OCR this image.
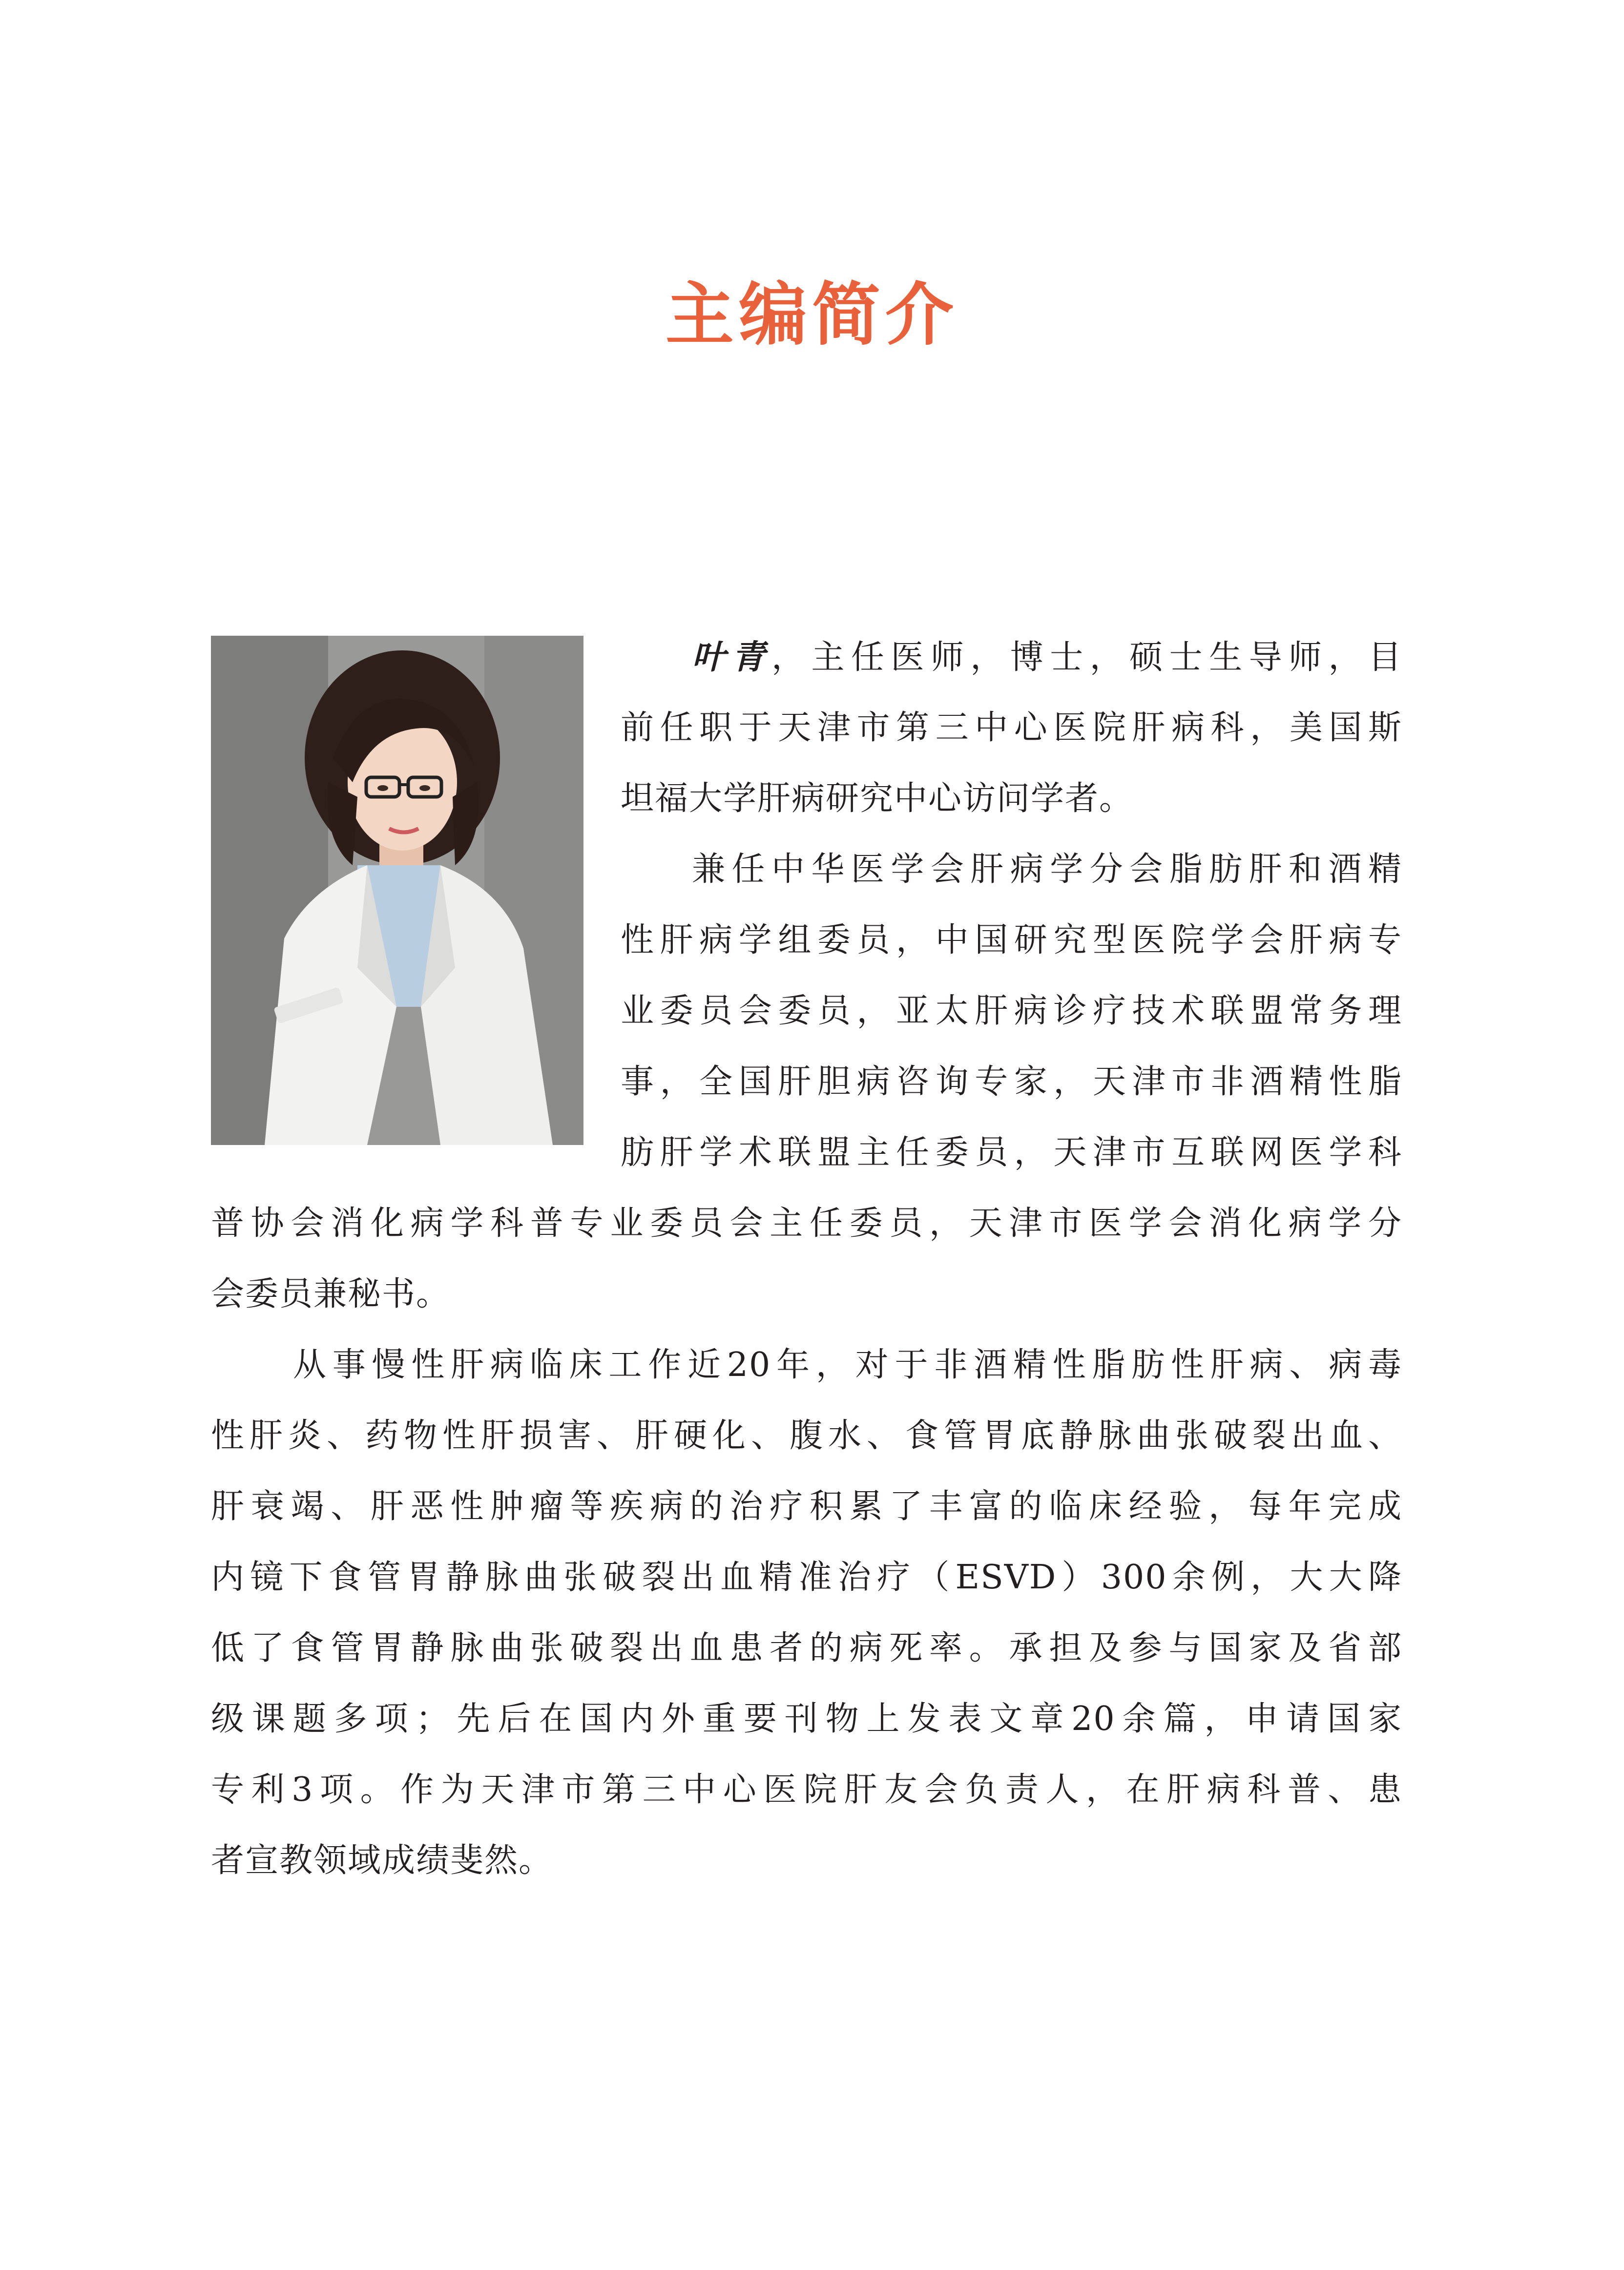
主编简介
叶青，主任医师，博士，硕士生导师，目
前任职于天津市第三中心医院肝病科，美国斯
坦福大学肝病研究中心访问学者。
兼任中华医学会肝病学分会脂肪肝和酒精
性肝病学组委员，中国研究型医院学会肝病专
业委员会委员，亚太肝病诊疗技术联盟常务理
事，全国肝胆病咨询专家，天津市非酒精性脂
肪肝学术联盟主任委员，天津市互联网医学科
普协会消化病学科普专业委员会主任委员，天津市医学会消化病学分
会委员兼秘书。
从事慢性肝病临床工作近20年，对于非酒精性脂肪性肝病、病毒
性肝炎、药物性肝损害、肝硬化、腹水、食管胃底静脉曲张破裂出血、
肝衰竭、肝恶性肿瘤等疾病的治疗积累了丰富的临床经验，每年完成
内镜下食管胃静脉曲张破裂出血精准治疗（ESVD）300余例，大大降
低了食管胃静脉曲张破裂出血患者的病死率。承担及参与国家及省部
级课题多项；先后在国内外重要刊物上发表文章20余篇，申请国家
专利3项。作为天津市第三中心医院肝友会负责人，在肝病科普、患
者宣教领域成绩斐然。
